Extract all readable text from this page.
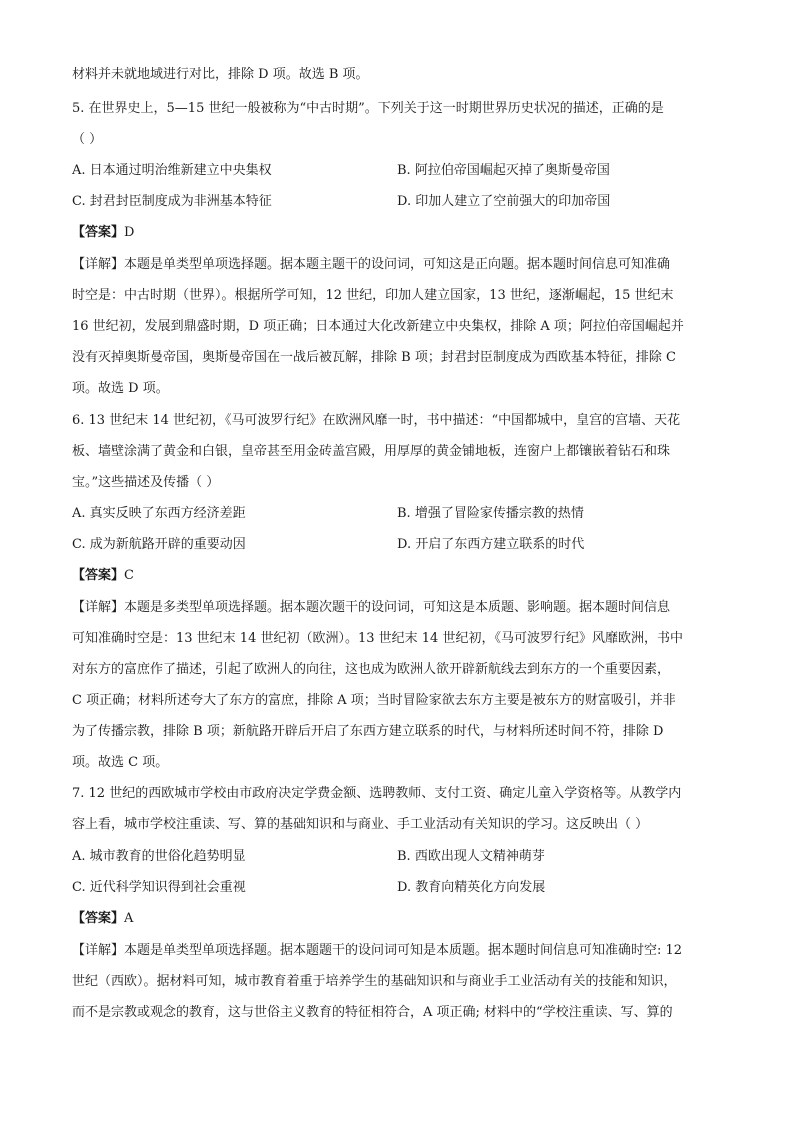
材料并未就地域进行对比，排除 D 项。故选 B 项。
5. 在世界史上，5—15 世纪一般被称为“中古时期”。下列关于这一时期世界历史状况的描述，正确的是
（ ）
A. 日本通过明治维新建立中央集权	B. 阿拉伯帝国崛起灭掉了奥斯曼帝国
C. 封君封臣制度成为非洲基本特征	D. 印加人建立了空前强大的印加帝国
【答案】D
【详解】本题是单类型单项选择题。据本题主题干的设问词，可知这是正向题。据本题时间信息可知准确
时空是：中古时期（世界）。根据所学可知，12 世纪，印加人建立国家，13 世纪，逐渐崛起，15 世纪末
16 世纪初，发展到鼎盛时期，D 项正确；日本通过大化改新建立中央集权，排除 A 项；阿拉伯帝国崛起并
没有灭掉奥斯曼帝国，奥斯曼帝国在一战后被瓦解，排除 B 项；封君封臣制度成为西欧基本特征，排除 C
项。故选 D 项。
6. 13 世纪末 14 世纪初，《马可波罗行纪》在欧洲风靡一时，书中描述：“中国都城中，皇宫的宫墙、天花
板、墙壁涂满了黄金和白银，皇帝甚至用金砖盖宫殿，用厚厚的黄金铺地板，连窗户上都镶嵌着钻石和珠
宝。”这些描述及传播（ ）
A. 真实反映了东西方经济差距	B. 增强了冒险家传播宗教的热情
C. 成为新航路开辟的重要动因	D. 开启了东西方建立联系的时代
【答案】C
【详解】本题是多类型单项选择题。据本题次题干的设问词，可知这是本质题、影响题。据本题时间信息
可知准确时空是：13 世纪末 14 世纪初（欧洲）。13 世纪末 14 世纪初，《马可波罗行纪》风靡欧洲，书中
对东方的富庶作了描述，引起了欧洲人的向往，这也成为欧洲人欲开辟新航线去到东方的一个重要因素，
C 项正确；材料所述夸大了东方的富庶，排除 A 项；当时冒险家欲去东方主要是被东方的财富吸引，并非
为了传播宗教，排除 B 项；新航路开辟后开启了东西方建立联系的时代，与材料所述时间不符，排除 D
项。故选 C 项。
7. 12 世纪的西欧城市学校由市政府决定学费金额、选聘教师、支付工资、确定儿童入学资格等。从教学内
容上看，城市学校注重读、写、算的基础知识和与商业、手工业活动有关知识的学习。这反映出（ ）
A. 城市教育的世俗化趋势明显	B. 西欧出现人文精神萌芽
C. 近代科学知识得到社会重视	D. 教育向精英化方向发展
【答案】A
【详解】本题是单类型单项选择题。据本题题干的设问词可知是本质题。据本题时间信息可知准确时空: 12
世纪（西欧）。据材料可知，城市教育着重于培养学生的基础知识和与商业手工业活动有关的技能和知识，
而不是宗教或观念的教育，这与世俗主义教育的特征相符合，A 项正确; 材料中的“学校注重读、写、算的
